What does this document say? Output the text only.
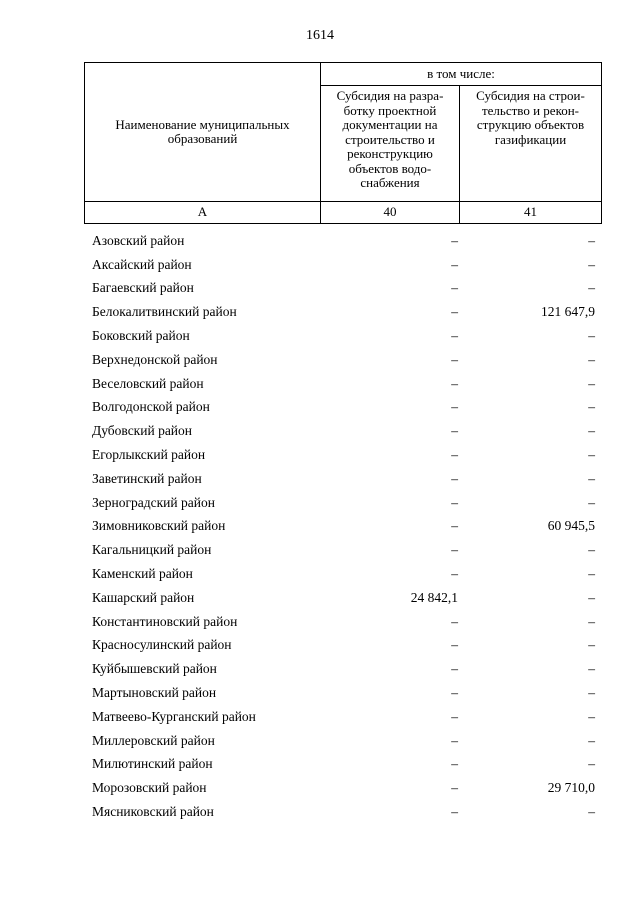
1614
Наименование муниципальных образований	в том числе:	
	Субсидия на разра-ботку проектной документации на строительство и реконструкцию объектов водо-снабжения	Субсидия на строи-тельство и рекон-струкцию объектов газификации
А	40	41
Азовский район	–	–
Аксайский район	–	–
Багаевский район	–	–
Белокалитвинский район	–	121 647,9
Боковский район	–	–
Верхнедонской район	–	–
Веселовский район	–	–
Волгодонской район	–	–
Дубовский район	–	–
Егорлыкский район	–	–
Заветинский район	–	–
Зерноградский район	–	–
Зимовниковский район	–	60 945,5
Кагальницкий район	–	–
Каменский район	–	–
Кашарский район	24 842,1	–
Константиновский район	–	–
Красносулинский район	–	–
Куйбышевский район	–	–
Мартыновский район	–	–
Матвеево-Курганский район	–	–
Миллеровский район	–	–
Милютинский район	–	–
Морозовский район	–	29 710,0
Мясниковский район	–	–
